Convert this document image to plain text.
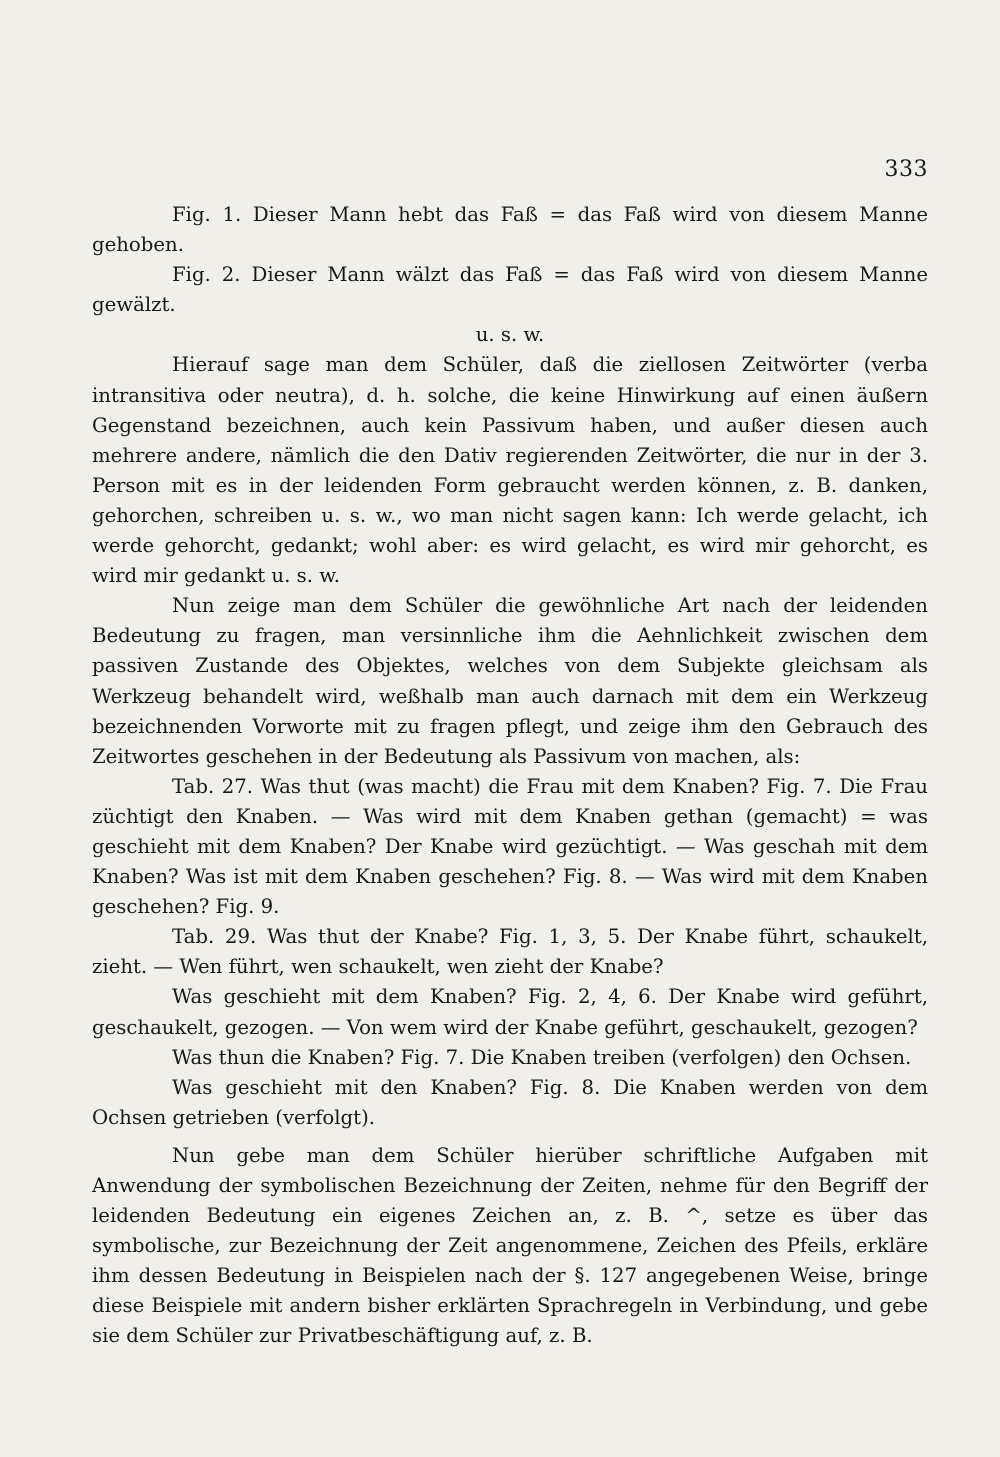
333

Fig. 1. Dieser Mann hebt das Faß = das Faß wird von diesem Manne gehoben.

Fig. 2. Dieser Mann wälzt das Faß = das Faß wird von diesem Manne gewälzt.

u. s. w.

Hierauf sage man dem Schüler, daß die ziellosen Zeitwörter (verba intransitiva oder neutra), d. h. solche, die keine Hinwirkung auf einen äußern Gegenstand bezeichnen, auch kein Passivum haben, und außer diesen auch mehrere andere, nämlich die den Dativ regierenden Zeitwörter, die nur in der 3. Person mit es in der leidenden Form gebraucht werden können, z. B. danken, gehorchen, schreiben u. s. w., wo man nicht sagen kann: Ich werde gelacht, ich werde gehorcht, gedankt; wohl aber: es wird gelacht, es wird mir gehorcht, es wird mir gedankt u. s. w.

Nun zeige man dem Schüler die gewöhnliche Art nach der leidenden Bedeutung zu fragen, man versinnliche ihm die Aehnlichkeit zwischen dem passiven Zustande des Objektes, welches von dem Subjekte gleichsam als Werkzeug behandelt wird, weßhalb man auch darnach mit dem ein Werkzeug bezeichnenden Vorworte mit zu fragen pflegt, und zeige ihm den Gebrauch des Zeitwortes geschehen in der Bedeutung als Passivum von machen, als:

Tab. 27. Was thut (was macht) die Frau mit dem Knaben? Fig. 7. Die Frau züchtigt den Knaben. — Was wird mit dem Knaben gethan (gemacht) = was geschieht mit dem Knaben? Der Knabe wird gezüchtigt. — Was geschah mit dem Knaben? Was ist mit dem Knaben geschehen? Fig. 8. — Was wird mit dem Knaben geschehen? Fig. 9.

Tab. 29. Was thut der Knabe? Fig. 1, 3, 5. Der Knabe führt, schaukelt, zieht. — Wen führt, wen schaukelt, wen zieht der Knabe?

Was geschieht mit dem Knaben? Fig. 2, 4, 6. Der Knabe wird geführt, geschaukelt, gezogen. — Von wem wird der Knabe geführt, geschaukelt, gezogen?

Was thun die Knaben? Fig. 7. Die Knaben treiben (verfolgen) den Ochsen.

Was geschieht mit den Knaben? Fig. 8. Die Knaben werden von dem Ochsen getrieben (verfolgt).

Nun gebe man dem Schüler hierüber schriftliche Aufgaben mit Anwendung der symbolischen Bezeichnung der Zeiten, nehme für den Begriff der leidenden Bedeutung ein eigenes Zeichen an, z. B. ^, setze es über das symbolische, zur Bezeichnung der Zeit angenommene, Zeichen des Pfeils, erkläre ihm dessen Bedeutung in Beispielen nach der §. 127 angegebenen Weise, bringe diese Beispiele mit andern bisher erklärten Sprachregeln in Verbindung, und gebe sie dem Schüler zur Privatbeschäftigung auf, z. B.
